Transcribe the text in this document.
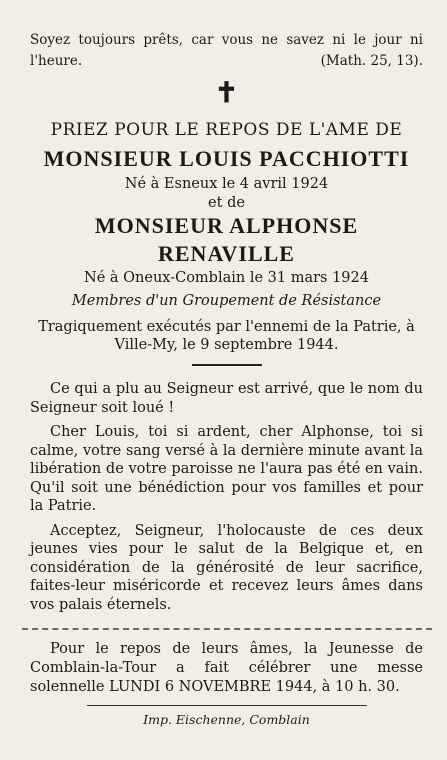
Soyez toujours prêts, car vous ne savez ni le jour ni l'heure.	(Math. 25, 13).
✝
PRIEZ POUR LE REPOS DE L'AME DE
MONSIEUR LOUIS PACCHIOTTI
Né à Esneux le 4 avril 1924
et de
MONSIEUR ALPHONSE RENAVILLE
Né à Oneux-Comblain le 31 mars 1924
Membres d'un Groupement de Résistance
Tragiquement exécutés par l'ennemi de la Patrie, à Ville-My, le 9 septembre 1944.

Ce qui a plu au Seigneur est arrivé, que le nom du Seigneur soit loué !

Cher Louis, toi si ardent, cher Alphonse, toi si calme, votre sang versé à la dernière minute avant la libération de votre paroisse ne l'aura pas été en vain. Qu'il soit une bénédiction pour vos familles et pour la Patrie.

Acceptez, Seigneur, l'holocauste de ces deux jeunes vies pour le salut de la Belgique et, en considération de la générosité de leur sacrifice, faites-leur miséricorde et recevez leurs âmes dans vos palais éternels.

Pour le repos de leurs âmes, la Jeunesse de Comblain-la-Tour a fait célébrer une messe solennelle LUNDI 6 NOVEMBRE 1944, à 10 h. 30.
Imp. Eischenne, Comblain
